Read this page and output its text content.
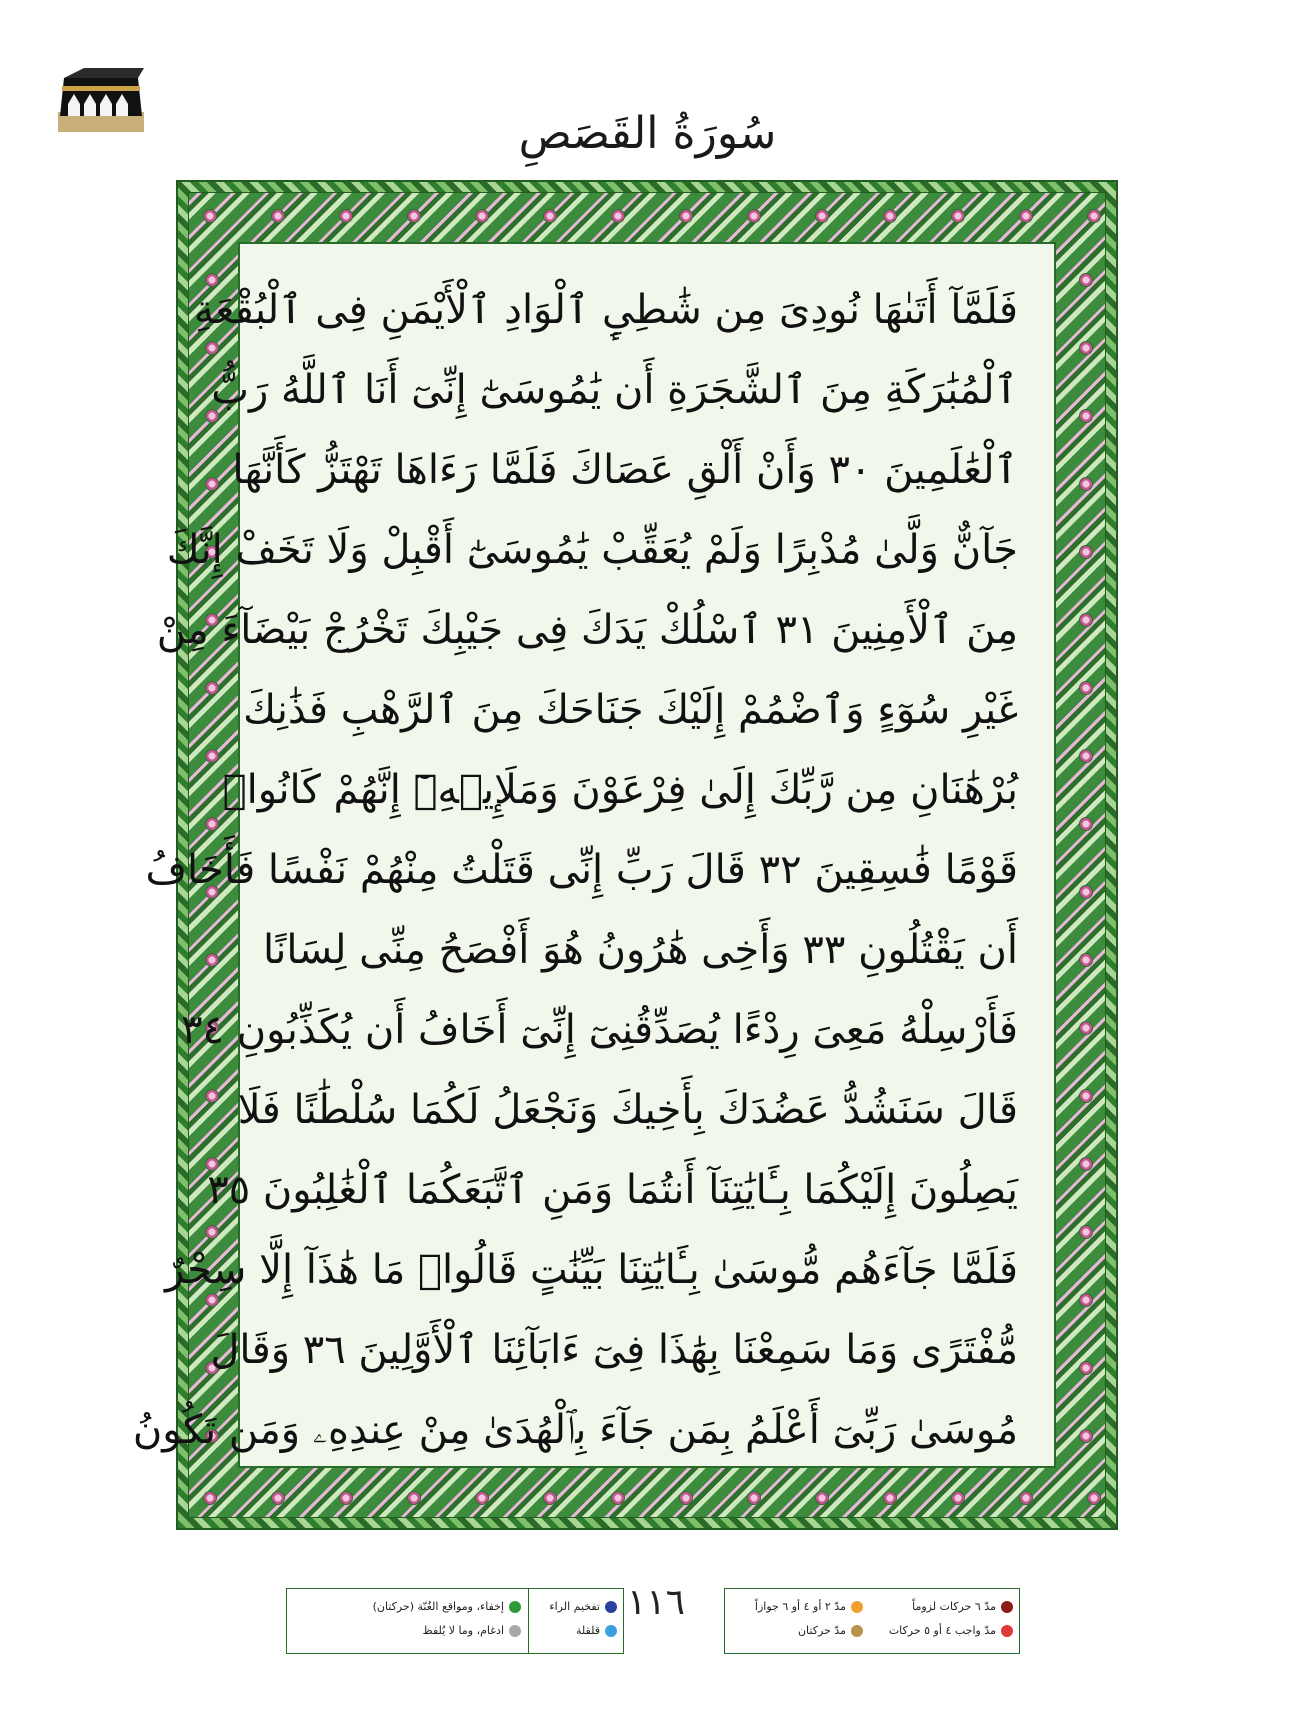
سُورَةُ القَصَصِ
فَلَمَّآ أَتَىٰهَا نُودِىَ مِن شَٰطِىِٕ ٱلْوَادِ ٱلْأَيْمَنِ فِى ٱلْبُقْعَةِ
ٱلْمُبَٰرَكَةِ مِنَ ٱلشَّجَرَةِ أَن يَٰمُوسَىٰٓ إِنِّىٓ أَنَا ٱللَّهُ رَبُّ
ٱلْعَٰلَمِينَ ٣٠ وَأَنْ أَلْقِ عَصَاكَ فَلَمَّا رَءَاهَا تَهْتَزُّ كَأَنَّهَا
جَآنٌّ وَلَّىٰ مُدْبِرًا وَلَمْ يُعَقِّبْ يَٰمُوسَىٰٓ أَقْبِلْ وَلَا تَخَفْ إِنَّكَ
مِنَ ٱلْأَمِنِينَ ٣١ ٱسْلُكْ يَدَكَ فِى جَيْبِكَ تَخْرُجْ بَيْضَآءَ مِنْ
غَيْرِ سُوٓءٍ وَٱضْمُمْ إِلَيْكَ جَنَاحَكَ مِنَ ٱلرَّهْبِ فَذَٰنِكَ
بُرْهَٰنَانِ مِن رَّبِّكَ إِلَىٰ فِرْعَوْنَ وَمَلَإِي۟هِۦٓ إِنَّهُمْ كَانُوا۟
قَوْمًا فَٰسِقِينَ ٣٢ قَالَ رَبِّ إِنِّى قَتَلْتُ مِنْهُمْ نَفْسًا فَأَخَافُ
أَن يَقْتُلُونِ ٣٣ وَأَخِى هَٰرُونُ هُوَ أَفْصَحُ مِنِّى لِسَانًا
فَأَرْسِلْهُ مَعِىَ رِدْءًا يُصَدِّقُنِىٓ إِنِّىٓ أَخَافُ أَن يُكَذِّبُونِ ٣٤
قَالَ سَنَشُدُّ عَضُدَكَ بِأَخِيكَ وَنَجْعَلُ لَكُمَا سُلْطَٰنًا فَلَا
يَصِلُونَ إِلَيْكُمَا بِـَٔايَٰتِنَآ أَنتُمَا وَمَنِ ٱتَّبَعَكُمَا ٱلْغَٰلِبُونَ ٣٥
فَلَمَّا جَآءَهُم مُّوسَىٰ بِـَٔايَٰتِنَا بَيِّنَٰتٍ قَالُوا۟ مَا هَٰذَآ إِلَّا سِحْرٌ
مُّفْتَرًى وَمَا سَمِعْنَا بِهَٰذَا فِىٓ ءَابَآئِنَا ٱلْأَوَّلِينَ ٣٦ وَقَالَ
مُوسَىٰ رَبِّىٓ أَعْلَمُ بِمَن جَآءَ بِٱلْهُدَىٰ مِنْ عِندِهِۦ وَمَن تَكُونُ
تفخيم الراء
قلقلة
إخفاء، ومواقع الغُنّة (حركتان)
ادغام، وما لا يُلفظ
١١٦	مدّ ٦ حركات لزوماً
مدّ واجب ٤ أو ٥ حركات
مدّ ٢ أو ٤ أو ٦ جوازاً
مدّ حركتان
